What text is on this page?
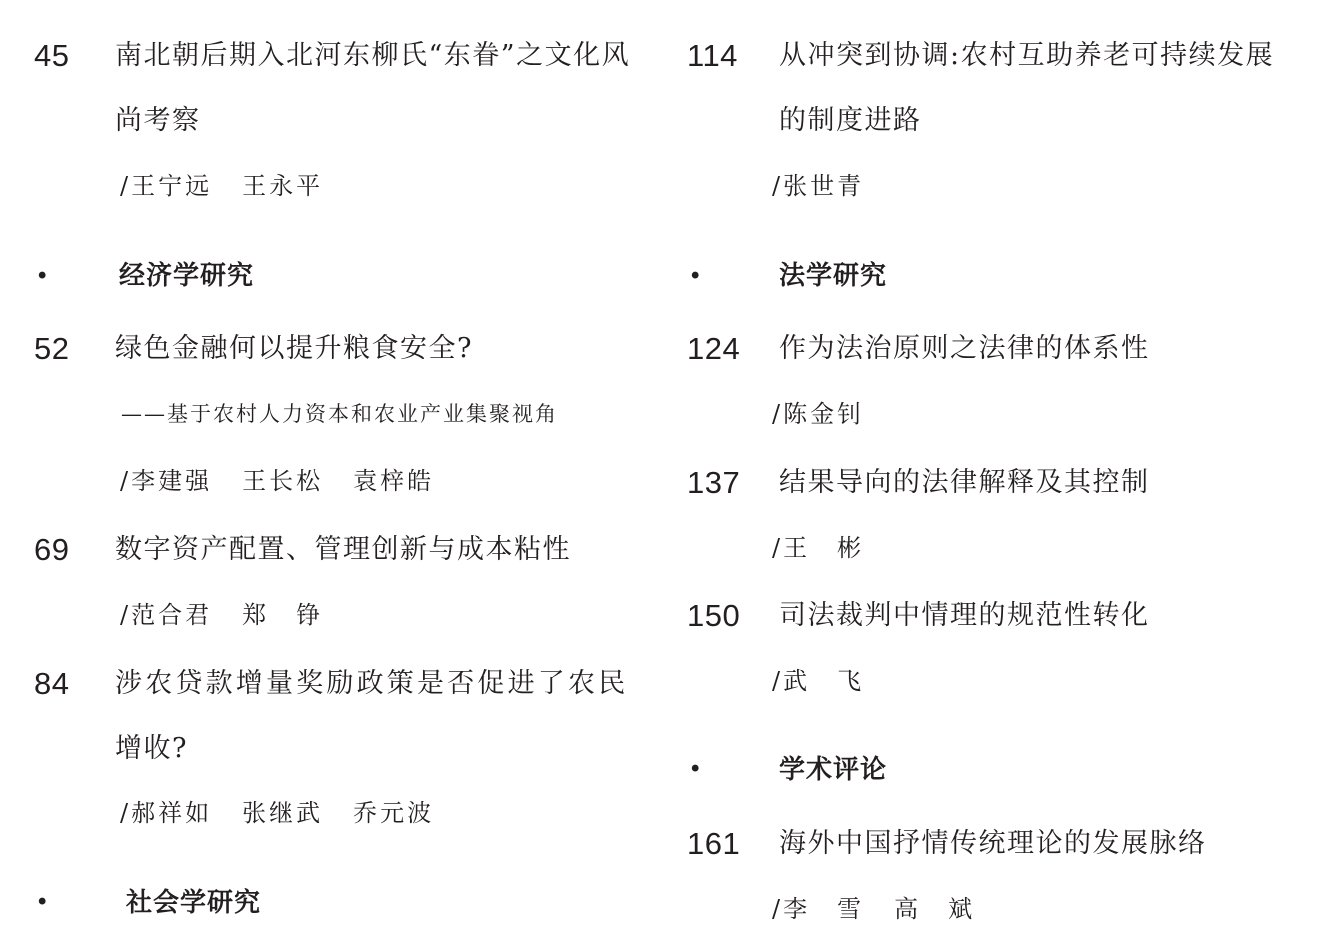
45 南北朝后期入北河东柳氏“东眷”之文化风
尚考察
/王宁远 王永平
•	经济学研究
52 绿色金融何以提升粮食安全?
——基于农村人力资本和农业产业集聚视角
/李建强 王长松 袁梓皓
69 数字资产配置、管理创新与成本粘性
/范合君 郑　铮
84 涉农贷款增量奖励政策是否促进了农民
增收?
/郝祥如 张继武 乔元波
•	社会学研究
114 从冲突到协调:农村互助养老可持续发展
的制度进路
/张世青
•	法学研究
124 作为法治原则之法律的体系性
/陈金钊
137 结果导向的法律解释及其控制
/王　彬
150 司法裁判中情理的规范性转化
/武　飞
•	学术评论
161 海外中国抒情传统理论的发展脉络
/李　雪 高　斌
